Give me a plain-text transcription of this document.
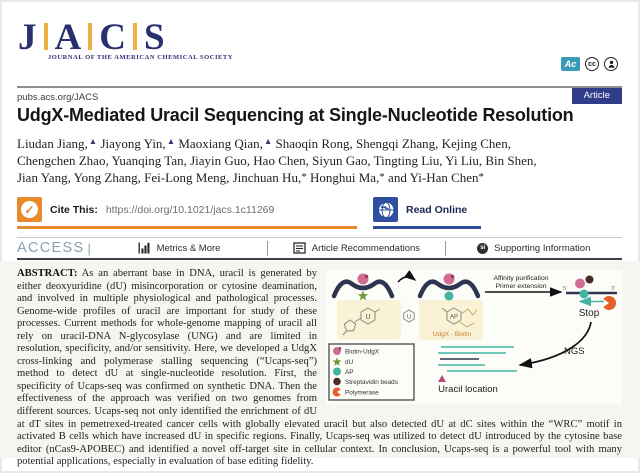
J A C S
JOURNAL OF THE AMERICAN CHEMICAL SOCIETY
Ac	cc
pubs.acs.org/JACS	Article
UdgX-Mediated Uracil Sequencing at Single-Nucleotide Resolution
Liudan Jiang,▲ Jiayong Yin,▲ Maoxiang Qian,▲ Shaoqin Rong, Shengqi Zhang, Kejing Chen,
Chengchen Zhao, Yuanqing Tan, Jiayin Guo, Hao Chen, Siyun Gao, Tingting Liu, Yi Liu, Bin Shen,
Jian Yang, Yong Zhang, Fei-Long Meng, Jinchuan Hu,* Honghui Ma,* and Yi-Han Chen*
✓	Cite This: https://doi.org/10.1021/jacs.1c11269	Read Online
ACCESS |	Metrics & More	Article Recommendations	si Supporting Information
U	U	AP
UdgX - Biotin
Affinity purification
Primer extension	5′	3′
Stop
NGS
Uracil location
Biotin-UdgX
dU
AP
Streptavidin beads
Polymerase

ABSTRACT: As an aberrant base in DNA, uracil is generated by either deoxyuridine (dU) misincorporation or cytosine deamination, and involved in multiple physiological and pathological processes. Genome-wide profiles of uracil are important for study of these processes. Current methods for whole-genome mapping of uracil all rely on uracil-DNA N-glycosylase (UNG) and are limited in resolution, specificity, and/or sensitivity. Here, we developed a UdgX cross-linking and polymerase stalling sequencing (“Ucaps-seq”) method to detect dU at single-nucleotide resolution. First, the specificity of Ucaps-seq was confirmed on synthetic DNA. Then the effectiveness of the approach was verified on two genomes from different sources. Ucaps-seq not only identified the enrichment of dU at dT sites in pemetrexed-treated cancer cells with globally elevated uracil but also detected dU at dC sites within the “WRC” motif in activated B cells which have increased dU in specific regions. Finally, Ucaps-seq was utilized to detect dU introduced by the cytosine base editor (nCas9-APOBEC) and identified a novel off-target site in cellular context. In conclusion, Ucaps-seq is a powerful tool with many potential applications, especially in evaluation of base editing fidelity.
